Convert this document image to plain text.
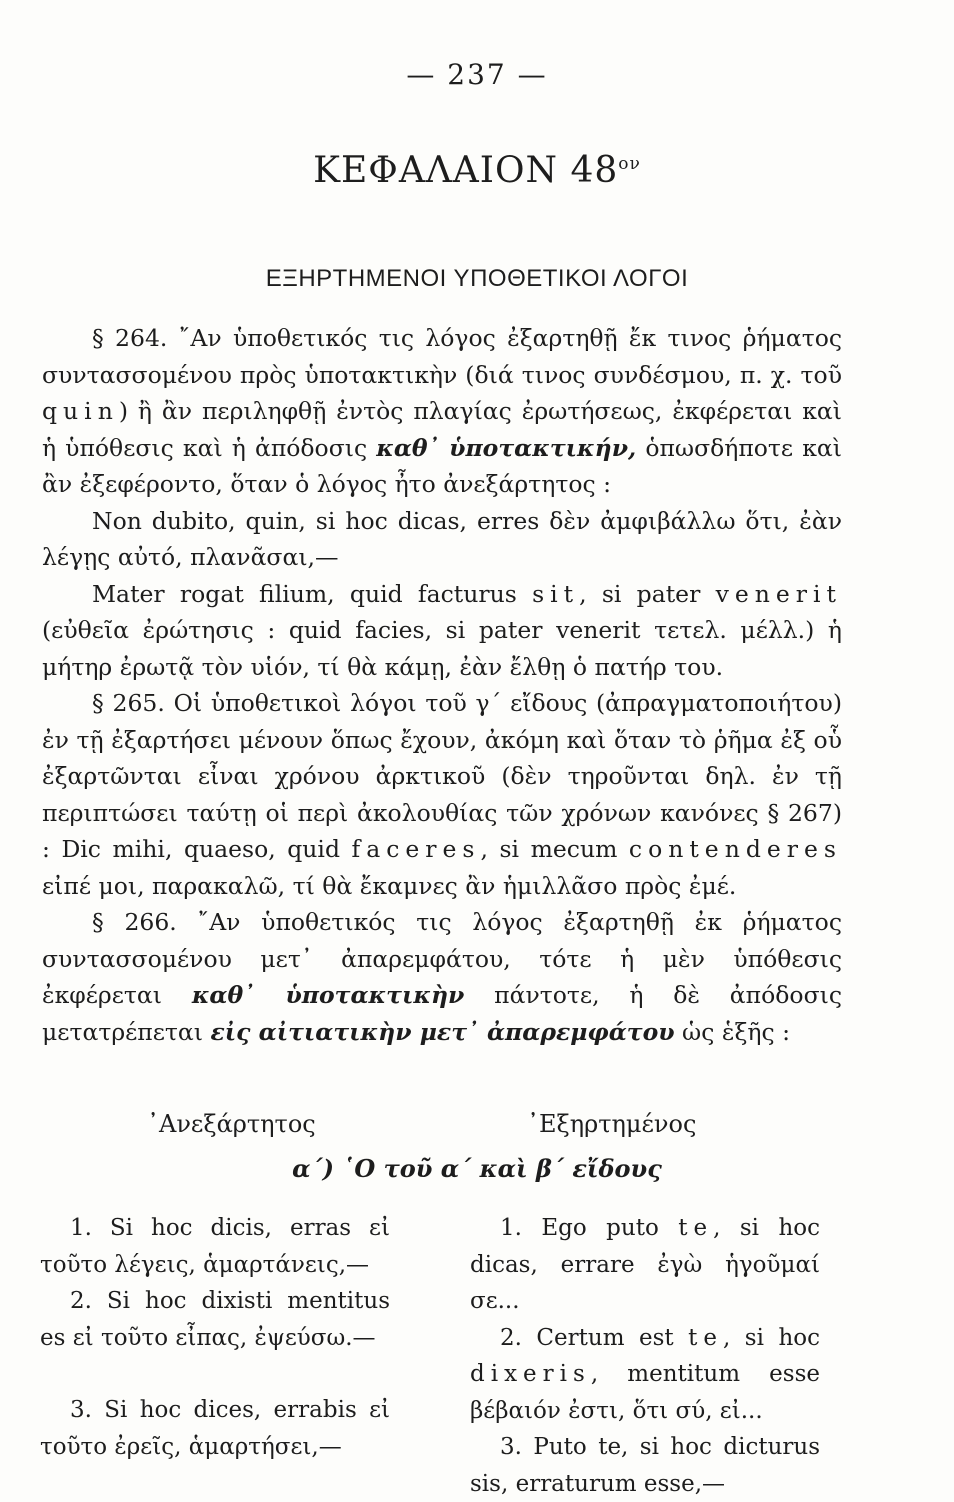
— 237 —
ΚΕΦΑΛΑΙΟΝ $48^{o\nu}$
ΕΞΗΡΤΗΜΕΝΟΙ ΥΠΟΘΕΤΙΚΟΙ ΛΟΓΟΙ

§ 264. ῎Αν ὑποθετικός τις λόγος ἐξαρτηθῇ ἔκ τινος ῥήματος συντασσομένου πρὸς ὑποτακτικὴν (διά τινος συνδέσμου, π. χ. τοῦ quin) ἢ ἂν περιληφθῇ ἐντὸς πλαγίας ἐρωτήσεως, ἐκφέρεται καὶ ἡ ὑπόθεσις καὶ ἡ ἀπόδοσις καθ᾿ ὑποτακτικήν, ὁπωσδήποτε καὶ ἂν ἐξεφέροντο, ὅταν ὁ λόγος ἦτο ἀνεξάρτητος :

Non dubito, quin, si hoc dicas, erres δὲν ἀμφιβάλλω ὅτι, ἐὰν λέγῃς αὐτό, πλανᾶσαι,—

Mater rogat filium, quid facturus sit, si pater venerit (εὐθεῖα ἐρώτησις : quid facies, si pater venerit τετελ. μέλλ.) ἡ μήτηρ ἐρωτᾷ τὸν υἱόν, τί θὰ κάμῃ, ἐὰν ἔλθῃ ὁ πατήρ του.

§ 265. Οἱ ὑποθετικοὶ λόγοι τοῦ γ΄ εἴδους (ἀπραγματοποιήτου) ἐν τῇ ἐξαρτήσει μένουν ὅπως ἔχουν, ἀκόμη καὶ ὅταν τὸ ῥῆμα ἐξ οὗ ἐξαρτῶνται εἶναι χρόνου ἀρκτικοῦ (δὲν τηροῦνται δηλ. ἐν τῇ περιπτώσει ταύτῃ οἱ περὶ ἀκολουθίας τῶν χρόνων κανόνες § 267) : Dic mihi, quaeso, quid faceres, si mecum contenderes εἰπέ μοι, παρακαλῶ, τί θὰ ἔκαμνες ἂν ἡμιλλᾶσο πρὸς ἐμέ.

§ 266. ῎Αν ὑποθετικός τις λόγος ἐξαρτηθῇ ἐκ ῥήματος συντασσομένου μετ᾿ ἀπαρεμφάτου, τότε ἡ μὲν ὑπόθεσις ἐκφέρεται καθ᾿ ὑποτακτικὴν πάντοτε, ἡ δὲ ἀπόδοσις μετατρέπεται εἰς αἰτιατικὴν μετ᾿ ἀπαρεμφάτου ὡς ἑξῆς :

᾿Ανεξάρτητος	᾿Εξηρτημένος
α΄) ῾Ο τοῦ α΄ καὶ β΄ εἴδους

1. Si hoc dicis, erras εἰ τοῦτο λέγεις, ἁμαρτάνεις,—

2. Si hoc dixisti mentitus es εἰ τοῦτο εἶπας, ἐψεύσω.—

3. Si hoc dices, errabis εἰ τοῦτο ἐρεῖς, ἁμαρτήσει,—

1. Ego puto te, si hoc dicas, errare ἐγὼ ἡγοῦμαί σε...

2. Certum est te, si hoc dixeris, mentitum esse βέβαιόν ἐστι, ὅτι σύ, εἰ...

3. Puto te, si hoc dicturus sis, erraturum esse,—
